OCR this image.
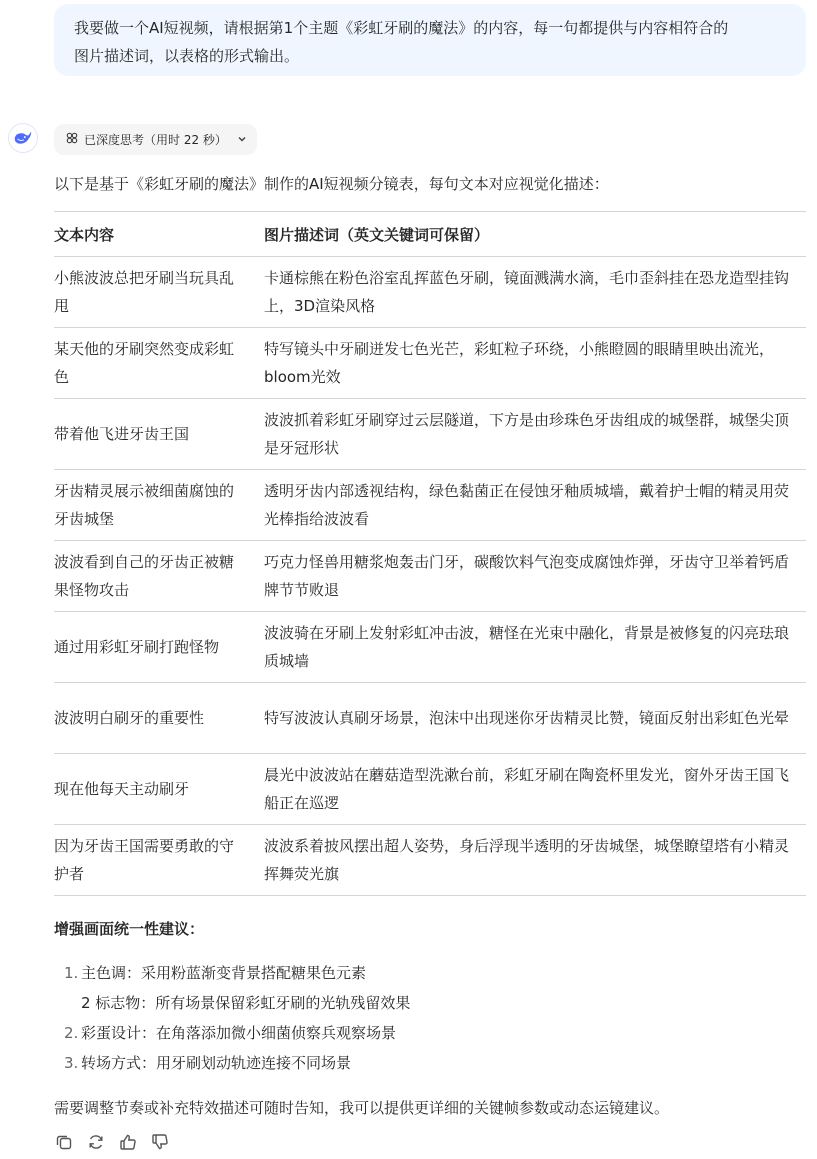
我要做一个AI短视频，请根据第1个主题《彩虹牙刷的魔法》的内容，每一句都提供与内容相符合的
图片描述词，以表格的形式输出。
已深度思考（用时 22 秒）
以下是基于《彩虹牙刷的魔法》制作的AI短视频分镜表，每句文本对应视觉化描述：
文本内容	图片描述词（英文关键词可保留）
小熊波波总把牙刷当玩具乱甩	卡通棕熊在粉色浴室乱挥蓝色牙刷，镜面溅满水滴，毛巾歪斜挂在恐龙造型挂钩上，3D渲染风格
某天他的牙刷突然变成彩虹色	特写镜头中牙刷迸发七色光芒，彩虹粒子环绕，小熊瞪圆的眼睛里映出流光，bloom光效
带着他飞进牙齿王国	波波抓着彩虹牙刷穿过云层隧道，下方是由珍珠色牙齿组成的城堡群，城堡尖顶是牙冠形状
牙齿精灵展示被细菌腐蚀的牙齿城堡	透明牙齿内部透视结构，绿色黏菌正在侵蚀牙釉质城墙，戴着护士帽的精灵用荧光棒指给波波看
波波看到自己的牙齿正被糖果怪物攻击	巧克力怪兽用糖浆炮轰击门牙，碳酸饮料气泡变成腐蚀炸弹，牙齿守卫举着钙盾牌节节败退
通过用彩虹牙刷打跑怪物	波波骑在牙刷上发射彩虹冲击波，糖怪在光束中融化，背景是被修复的闪亮珐琅质城墙
波波明白刷牙的重要性	特写波波认真刷牙场景，泡沫中出现迷你牙齿精灵比赞，镜面反射出彩虹色光晕
现在他每天主动刷牙	晨光中波波站在蘑菇造型洗漱台前，彩虹牙刷在陶瓷杯里发光，窗外牙齿王国飞船正在巡逻
因为牙齿王国需要勇敢的守护者	波波系着披风摆出超人姿势，身后浮现半透明的牙齿城堡，城堡瞭望塔有小精灵挥舞荧光旗
增强画面统一性建议：
1. 主色调：采用粉蓝渐变背景搭配糖果色元素
2 标志物：所有场景保留彩虹牙刷的光轨残留效果
2. 彩蛋设计：在角落添加微小细菌侦察兵观察场景
3. 转场方式：用牙刷划动轨迹连接不同场景
需要调整节奏或补充特效描述可随时告知，我可以提供更详细的关键帧参数或动态运镜建议。
